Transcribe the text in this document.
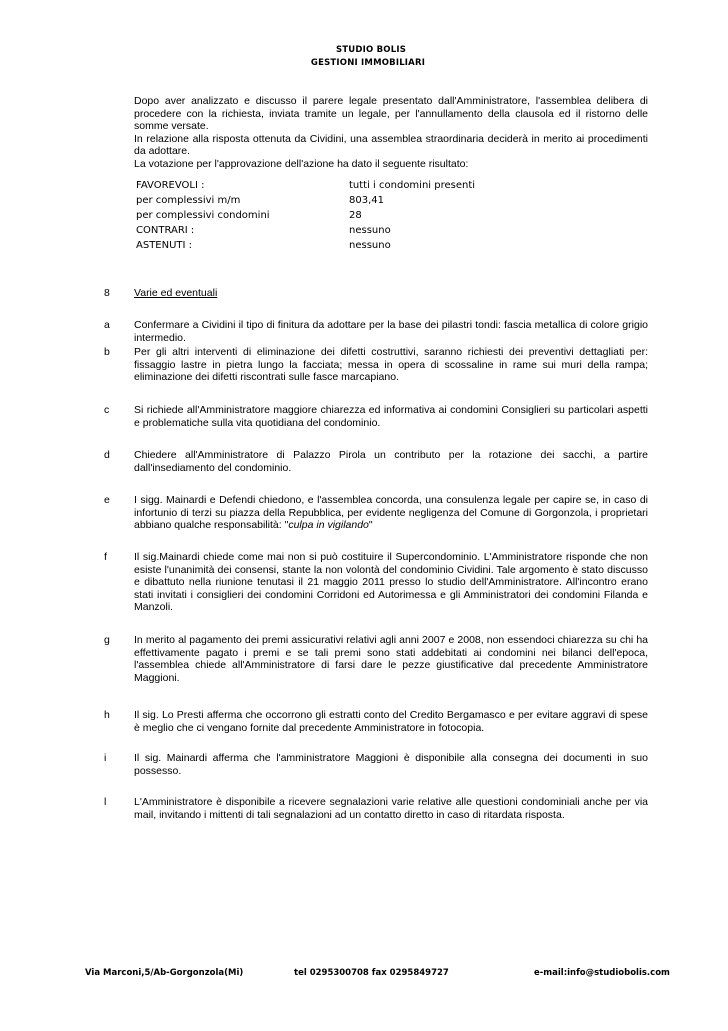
STUDIO BOLIS
GESTIONI IMMOBILIARI

Dopo aver analizzato e discusso il parere legale presentato dall'Amministratore, l'assemblea delibera di procedere con la richiesta, inviata tramite un legale, per l'annullamento della clausola ed il ristorno delle somme versate.

In relazione alla risposta ottenuta da Cividini, una assemblea straordinaria deciderà in merito ai procedimenti da adottare.

La votazione per l'approvazione dell'azione ha dato il seguente risultato:

FAVOREVOLI :	tutti i condomini presenti
per complessivi m/m	803,41
per complessivi condomini	28
CONTRARI :	nessuno
ASTENUTI :	nessuno
8	Varie ed eventuali
a	Confermare a Cividini il tipo di finitura da adottare per la base dei pilastri tondi: fascia metallica di colore grigio intermedio.
b	Per gli altri interventi di eliminazione dei difetti costruttivi, saranno richiesti dei preventivi dettagliati per: fissaggio lastre in pietra lungo la facciata; messa in opera di scossaline in rame sui muri della rampa; eliminazione dei difetti riscontrati sulle fasce marcapiano.
c	Si richiede all'Amministratore maggiore chiarezza ed informativa ai condomini Consiglieri su particolari aspetti e problematiche sulla vita quotidiana del condominio.
d	Chiedere all'Amministratore di Palazzo Pirola un contributo per la rotazione dei sacchi, a partire dall'insediamento del condominio.
e	I sigg. Mainardi e Defendi chiedono, e l'assemblea concorda, una consulenza legale per capire se, in caso di infortunio di terzi su piazza della Repubblica, per evidente negligenza del Comune di Gorgonzola, i proprietari abbiano qualche responsabilità: "culpa in vigilando"
f	Il sig.Mainardi chiede come mai non si può costituire il Supercondominio. L'Amministratore risponde che non esiste l'unanimità dei consensi, stante la non volontà del condominio Cividini. Tale argomento è stato discusso e dibattuto nella riunione tenutasi il 21 maggio 2011 presso lo studio dell'Amministratore. All'incontro erano stati invitati i consiglieri dei condomini Corridoni ed Autorimessa e gli Amministratori dei condomini Filanda e Manzoli.
g	In merito al pagamento dei premi assicurativi relativi agli anni 2007 e 2008, non essendoci chiarezza su chi ha effettivamente pagato i premi e se tali premi sono stati addebitati ai condomini nei bilanci dell'epoca, l'assemblea chiede all'Amministratore di farsi dare le pezze giustificative dal precedente Amministratore Maggioni.
h	Il sig. Lo Presti afferma che occorrono gli estratti conto del Credito Bergamasco e per evitare aggravi di spese è meglio che ci vengano fornite dal precedente Amministratore in fotocopia.
i	Il sig. Mainardi afferma che l'amministratore Maggioni è disponibile alla consegna dei documenti in suo possesso.
l	L'Amministratore è disponibile a ricevere segnalazioni varie relative alle questioni condominiali anche per via mail, invitando i mittenti di tali segnalazioni ad un contatto diretto in caso di ritardata risposta.
Via Marconi,5/Ab-Gorgonzola(Mi)	tel 0295300708 fax 0295849727	e-mail:info@studiobolis.com
